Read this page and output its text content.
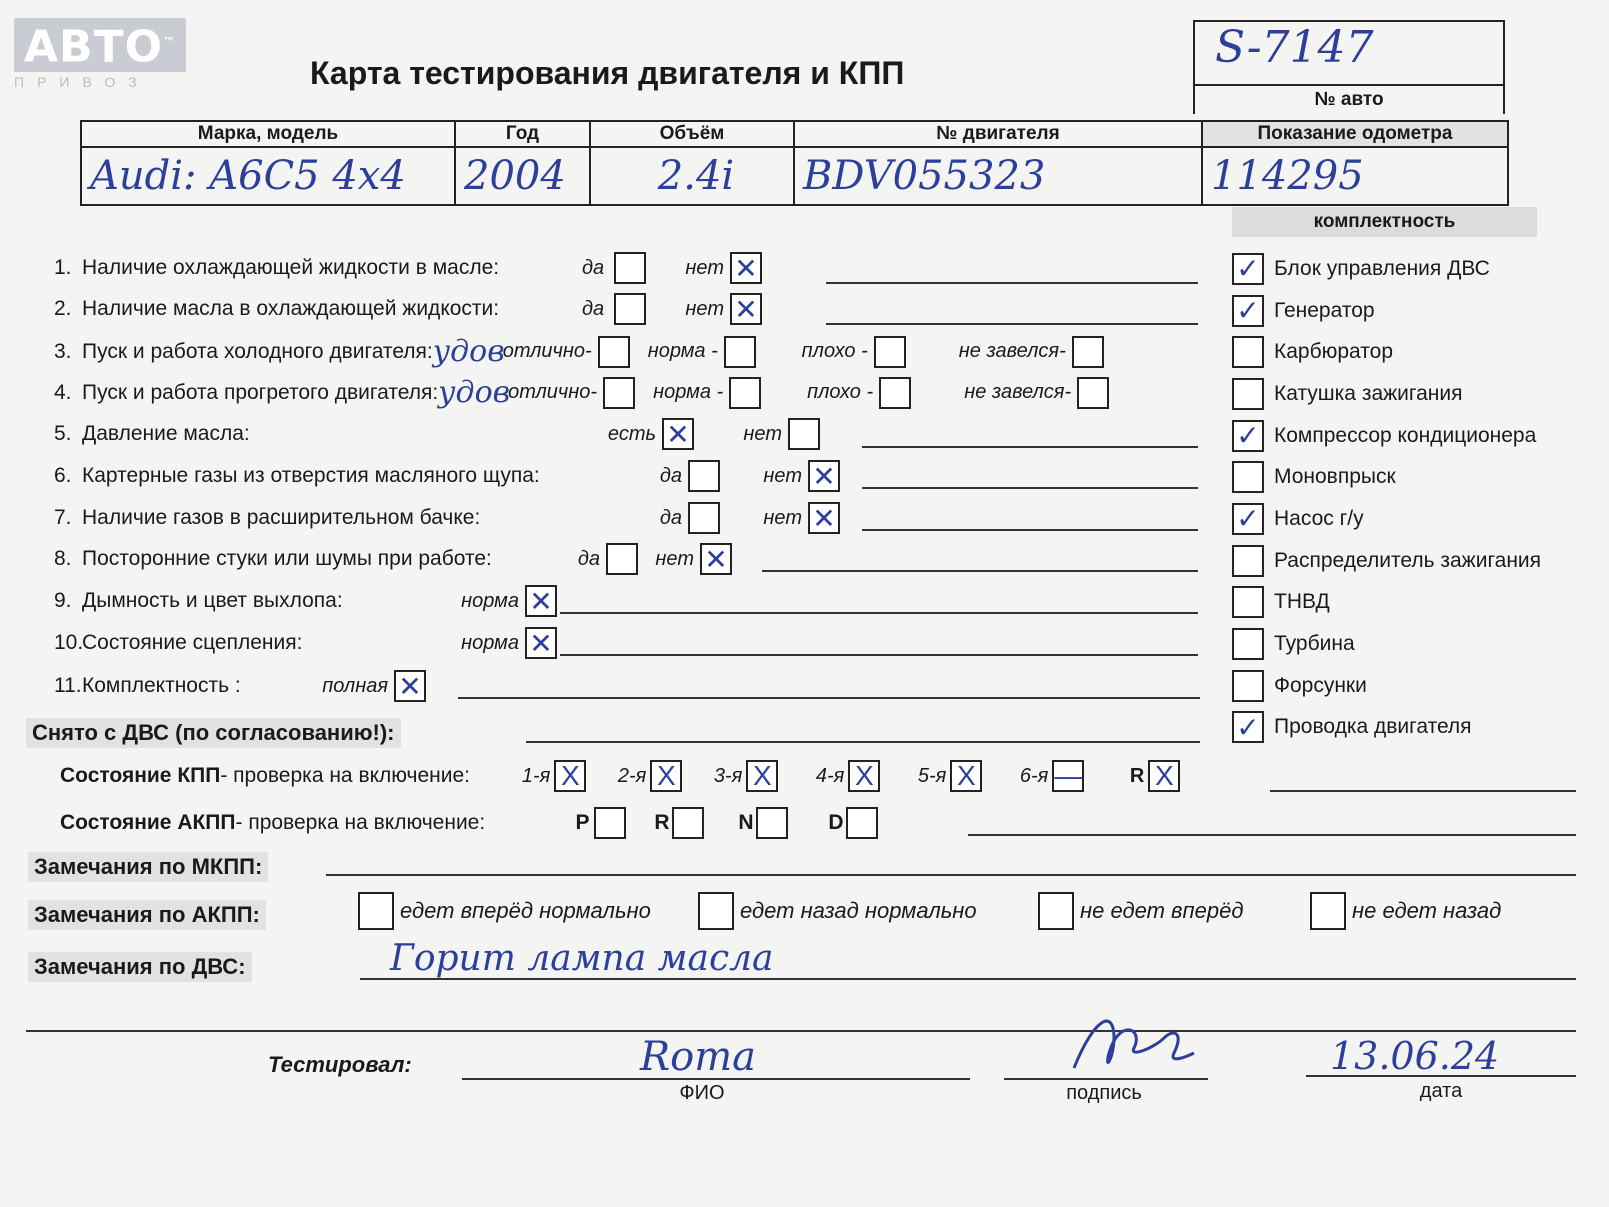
АВТО™
ПРИВОЗ	Карта тестирования двигателя и КПП	S-7147
№ авто
Марка, модель	Год	Объём	№ двигателя	Показание одометра
Audi: A6C5 4x4	2004	2.4i	BDV055323	114295
комплектность
✓ Блок управления ДВС
✓ Генератор
Карбюратор
Катушка зажигания
✓ Компрессор кондиционера
Моновпрыск
✓ Насос г/у
Распределитель зажигания
ТНВД
Турбина
Форсунки
✓ Проводка двигателя
1. Наличие охлаждающей жидкости в масле:	да	нет ✕
2. Наличие масла в охлаждающей жидкости:	да	нет ✕
3. Пуск и работа холодного двигателя: удов
отлично-	норма -	плохо -	не завелся-
4. Пуск и работа прогретого двигателя: удов
отлично-	норма -	плохо -	не завелся-
5. Давление масла:	есть ✕	нет
6. Картерные газы из отверстия масляного щупа:	да	нет ✕
7. Наличие газов в расширительном бачке:	да	нет ✕
8. Посторонние стуки или шумы при работе:	да	нет ✕
9. Дымность и цвет выхлопа:	норма ✕
10.
Состояние сцепления:	норма ✕
11. Комплектность :	полная ✕
Снято с ДВС (по согласованию!):
Состояние КПП - проверка на включение:	1-я X	2-я X	3-я X	4-я X	5-я X	6-я —	R X
Состояние АКПП - проверка на включение:	P	R	N	D
Замечания по МКПП:
Замечания по АКПП:	едет вперёд нормально	едет назад нормально	не едет вперёд	не едет назад
Замечания по ДВС:	Горит лампа масла
Тестировал:	Roma
ФИО	подпись
13.06.24
дата
